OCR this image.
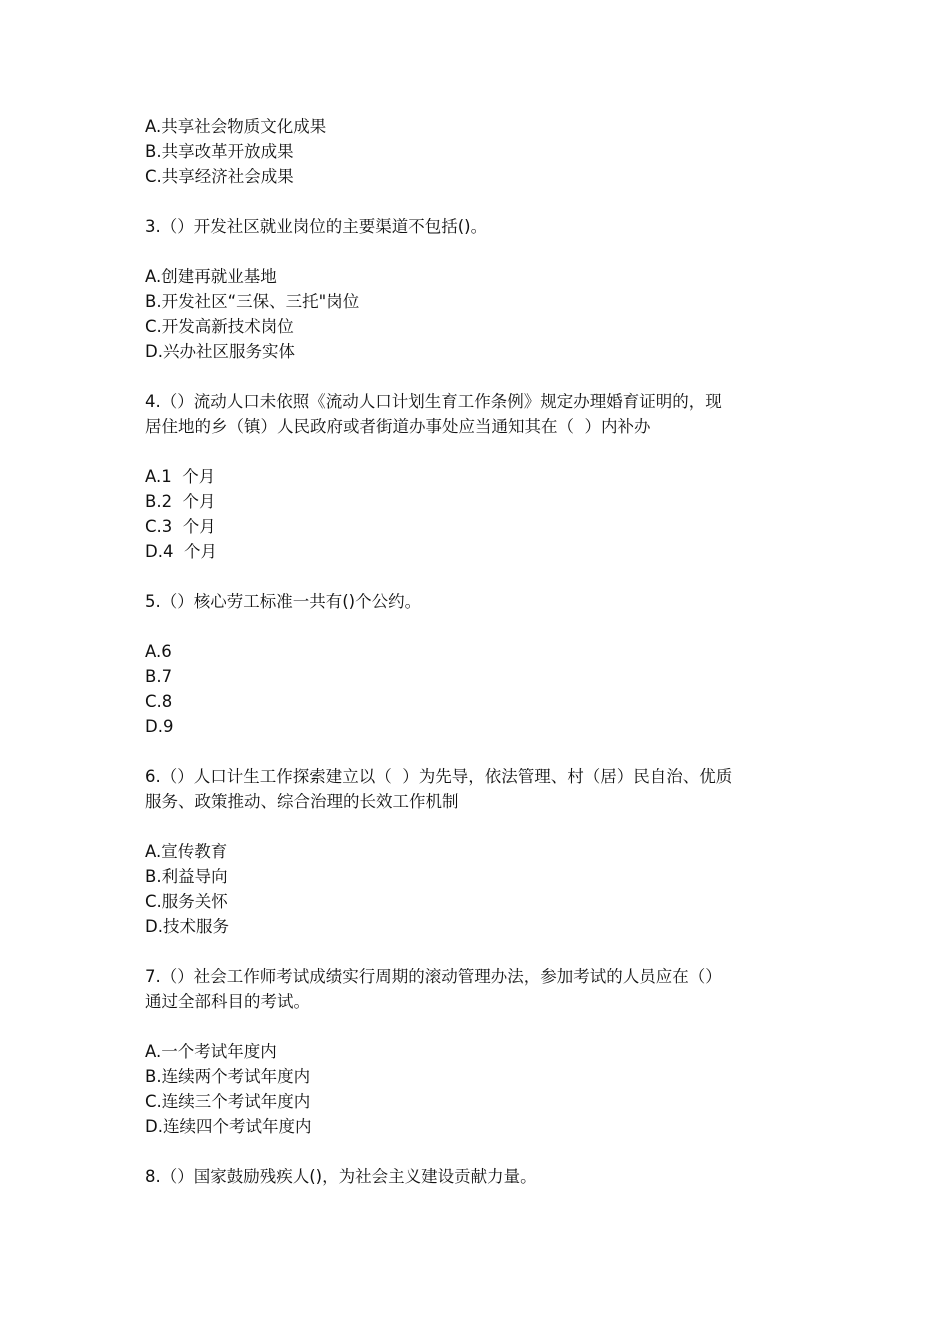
A.共享社会物质文化成果
B.共享改革开放成果
C.共享经济社会成果
3.（）开发社区就业岗位的主要渠道不包括()。
A.创建再就业基地
B.开发社区“三保、三托"岗位
C.开发高新技术岗位
D.兴办社区服务实体
4.（）流动人口未依照《流动人口计划生育工作条例》规定办理婚育证明的，现
居住地的乡（镇）人民政府或者街道办事处应当通知其在（  ）内补办
A.1  个月
B.2  个月
C.3  个月
D.4  个月
5.（）核心劳工标准一共有()个公约。
A.6
B.7
C.8
D.9
6.（）人口计生工作探索建立以（  ）为先导，依法管理、村（居）民自治、优质
服务、政策推动、综合治理的长效工作机制
A.宣传教育
B.利益导向
C.服务关怀
D.技术服务
7.（）社会工作师考试成绩实行周期的滚动管理办法，参加考试的人员应在（）
通过全部科目的考试。
A.一个考试年度内
B.连续两个考试年度内
C.连续三个考试年度内
D.连续四个考试年度内
8.（）国家鼓励残疾人()，为社会主义建设贡献力量。
